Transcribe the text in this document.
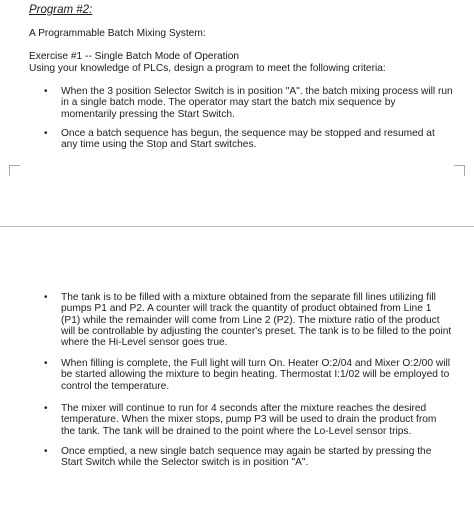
Program #2:
A Programmable Batch Mixing System:
Exercise #1 -- Single Batch Mode of Operation
Using your knowledge of PLCs, design a program to meet the following criteria:
• When the 3 position Selector Switch is in position "A". the batch mixing process will run in a single batch mode. The operator may start the batch mix sequence by momentarily pressing the Start Switch.
• Once a batch sequence has begun, the sequence may be stopped and resumed at any time using the Stop and Start switches.
• The tank is to be filled with a mixture obtained from the separate fill lines utilizing fill pumps P1 and P2. A counter will track the quantity of product obtained from Line 1 (P1) while the remainder will come from Line 2 (P2). The mixture ratio of the product will be controllable by adjusting the counter's preset. The tank is to be filled to the point where the Hi-Level sensor goes true.
• When filling is complete, the Full light will turn On. Heater O:2/04 and Mixer O:2/00 will be started allowing the mixture to begin heating. Thermostat I:1/02 will be employed to control the temperature.
• The mixer will continue to run for 4 seconds after the mixture reaches the desired temperature. When the mixer stops, pump P3 will be used to drain the product from the tank. The tank will be drained to the point where the Lo-Level sensor trips.
• Once emptied, a new single batch sequence may again be started by pressing the Start Switch while the Selector switch is in position "A".
